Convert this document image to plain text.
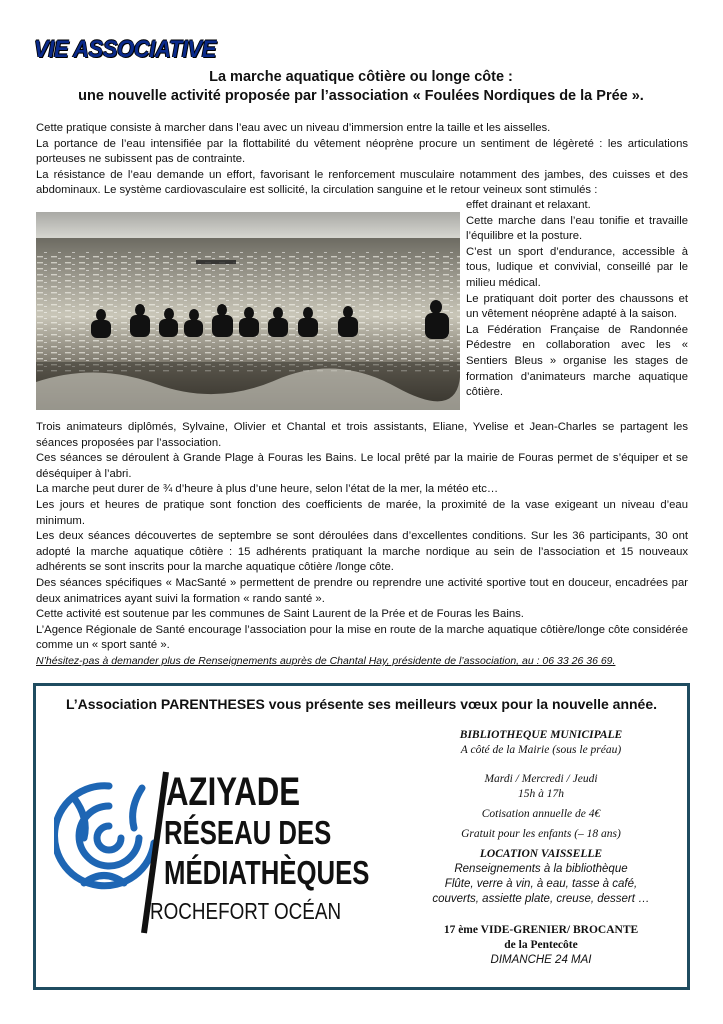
VIE ASSOCIATIVE
La marche aquatique côtière ou longe côte :
une nouvelle activité proposée par l’association « Foulées Nordiques de la Prée ».

Cette pratique consiste à marcher dans l’eau avec un niveau d’immersion entre la taille et les aisselles.

La portance de l’eau intensifiée par la flottabilité du vêtement néoprène procure un sentiment de légèreté : les articulations porteuses ne subissent pas de contrainte.

La résistance de l’eau demande un effort, favorisant le renforcement musculaire notamment des jambes, des cuisses et des abdominaux. Le système cardiovasculaire est sollicité, la circulation sanguine et le retour veineux sont stimulés :

effet drainant et relaxant.

Cette marche dans l’eau tonifie et travaille l’équilibre et la posture.

C’est un sport d’endurance, accessible à tous, ludique et convivial, conseillé par le milieu médical.

Le pratiquant doit porter des chaussons et un vêtement néoprène adapté à la saison.

La Fédération Française de Randonnée Pédestre en collaboration avec les « Sentiers Bleus » organise les stages de formation d’animateurs marche aquatique côtière.

Trois animateurs diplômés, Sylvaine, Olivier et Chantal et trois assistants, Eliane, Yvelise et Jean-Charles se partagent les séances proposées par l’association.

Ces séances se déroulent à Grande Plage à Fouras les Bains. Le local prêté par la mairie de Fouras permet de s’équiper et se déséquiper à l’abri.

La marche peut durer de ¾ d’heure à plus d’une heure, selon l’état de la mer, la météo etc…

Les jours et heures de pratique sont fonction des coefficients de marée, la proximité de la vase exigeant un niveau d’eau minimum.

Les deux séances découvertes de septembre se sont déroulées dans d’excellentes conditions. Sur les 36 participants, 30 ont adopté la marche aquatique côtière : 15 adhérents pratiquant la marche nordique au sein de l’association et 15 nouveaux adhérents se sont inscrits pour la marche aquatique côtière /longe côte.

Des séances spécifiques « MacSanté » permettent de prendre ou reprendre une activité sportive tout en douceur, encadrées par deux animatrices ayant suivi la formation « rando santé ».

Cette activité est soutenue par les communes de Saint Laurent de la Prée et de Fouras les Bains.

L’Agence Régionale de Santé encourage l’association pour la mise en route de la marche aquatique côtière/longe côte considérée comme un « sport santé ».

N’hésitez-pas à demander plus de Renseignements auprès de Chantal Hay, présidente de l’association, au : 06 33 26 36 69.

L’Association PARENTHESES vous présente ses meilleurs vœux pour la nouvelle année.
AZIYADE
RÉSEAU DES
MÉDIATHÈQUES
ROCHEFORT OCÉAN
BIBLIOTHEQUE MUNICIPALE
A côté de la Mairie (sous le préau)
Mardi / Mercredi / Jeudi
15h à 17h
Cotisation annuelle de 4€
Gratuit pour les enfants (– 18 ans)
LOCATION VAISSELLE
Renseignements à la bibliothèque
Flûte, verre à vin, à eau, tasse à café,
couverts, assiette plate, creuse, dessert …
17 ème VIDE-GRENIER/ BROCANTE
de la Pentecôte
DIMANCHE 24 MAI
